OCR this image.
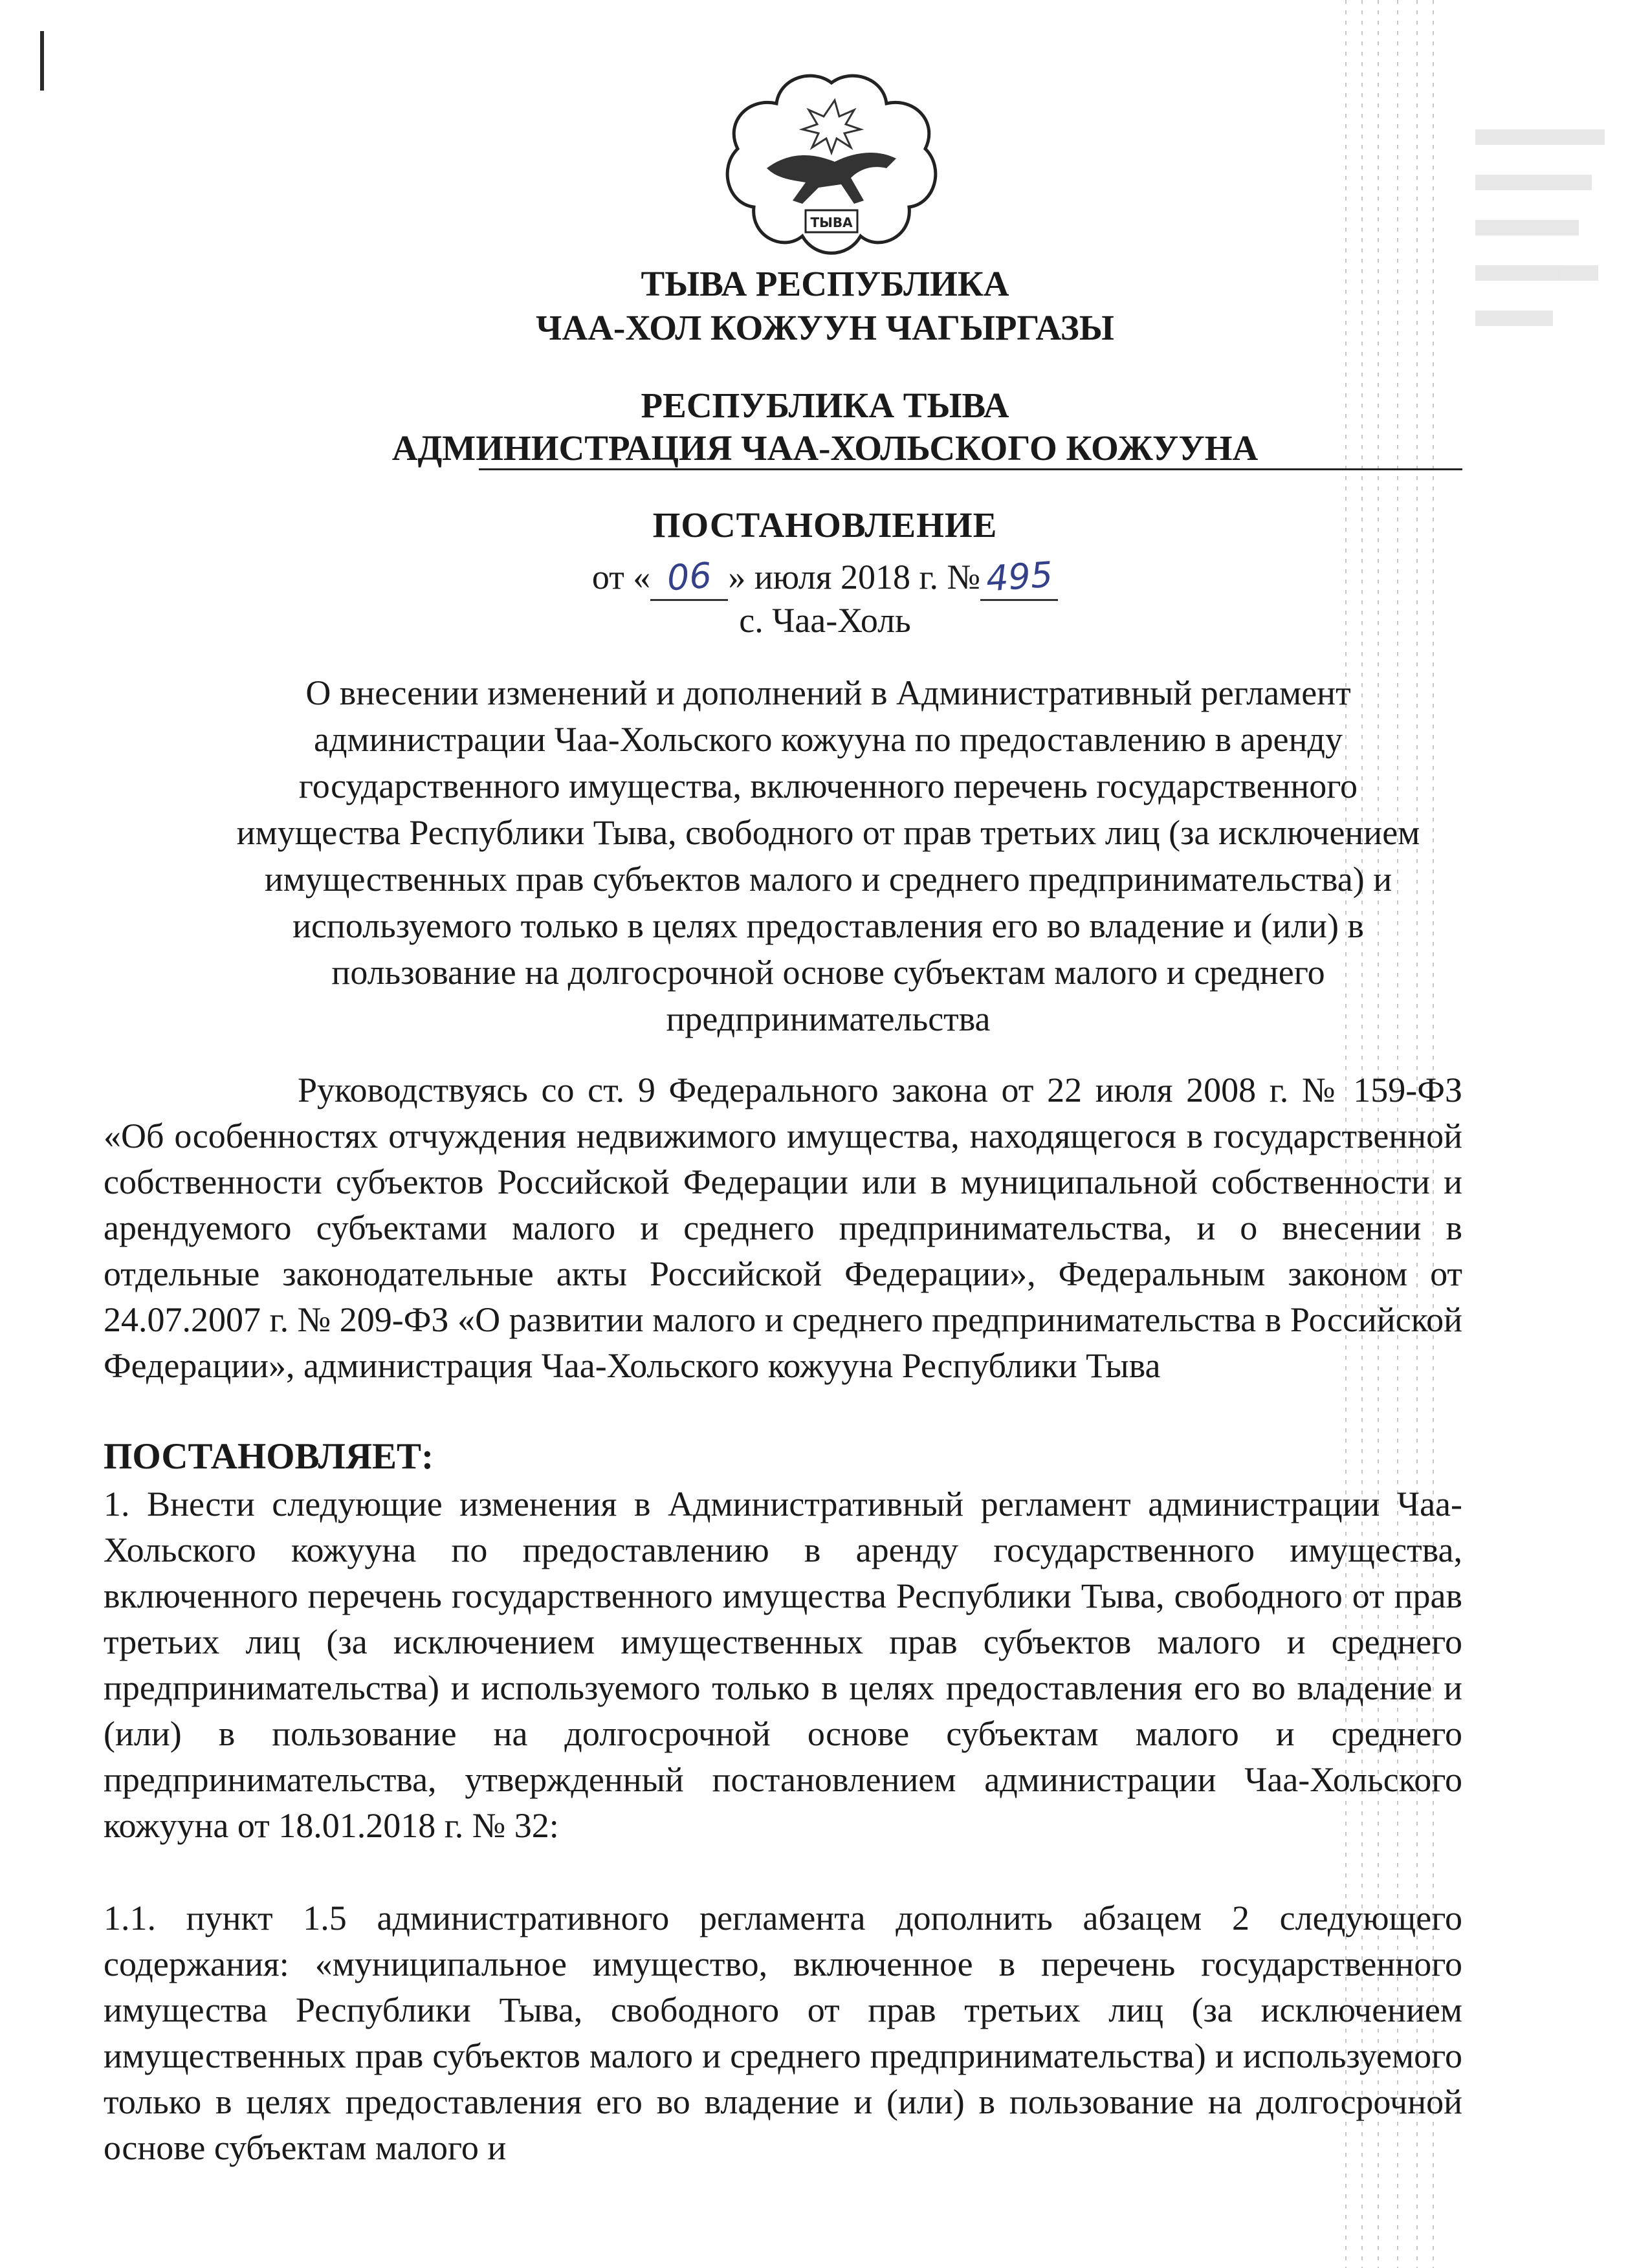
ТЫВА
ТЫВА РЕСПУБЛИКА
ЧАА-ХОЛ КОЖУУН ЧАГЫРГАЗЫ
РЕСПУБЛИКА ТЫВА
АДМИНИСТРАЦИЯ ЧАА-ХОЛЬСКОГО КОЖУУНА
ПОСТАНОВЛЕНИЕ
от « 06 » июля 2018 г. № 495
с. Чаа-Холь
О внесении изменений и дополнений в Административный регламент администрации Чаа-Хольского кожууна по предоставлению в аренду государственного имущества, включенного перечень государственного имущества Республики Тыва, свободного от прав третьих лиц (за исключением имущественных прав субъектов малого и среднего предпринимательства) и используемого только в целях предоставления его во владение и (или) в пользование на долгосрочной основе субъектам малого и среднего предпринимательства
Руководствуясь со ст. 9 Федерального закона от 22 июля 2008 г. № 159-ФЗ «Об особенностях отчуждения недвижимого имущества, находящегося в государственной собственности субъектов Российской Федерации или в муниципальной собственности и арендуемого субъектами малого и среднего предпринимательства, и о внесении в отдельные законодательные акты Российской Федерации», Федеральным законом от 24.07.2007 г. № 209-ФЗ «О развитии малого и среднего предпринимательства в Российской Федерации», администрация Чаа-Хольского кожууна Республики Тыва
ПОСТАНОВЛЯЕТ:
1. Внести следующие изменения в Административный регламент администрации Чаа-Хольского кожууна по предоставлению в аренду государственного имущества, включенного перечень государственного имущества Республики Тыва, свободного от прав третьих лиц (за исключением имущественных прав субъектов малого и среднего предпринимательства) и используемого только в целях предоставления его во владение и (или) в пользование на долгосрочной основе субъектам малого и среднего предпринимательства, утвержденный постановлением администрации Чаа-Хольского кожууна от 18.01.2018 г. № 32:
1.1. пункт 1.5 административного регламента дополнить абзацем 2 следующего содержания: «муниципальное имущество, включенное в перечень государственного имущества Республики Тыва, свободного от прав третьих лиц (за исключением имущественных прав субъектов малого и среднего предпринимательства) и используемого только в целях предоставления его во владение и (или) в пользование на долгосрочной основе субъектам малого и
